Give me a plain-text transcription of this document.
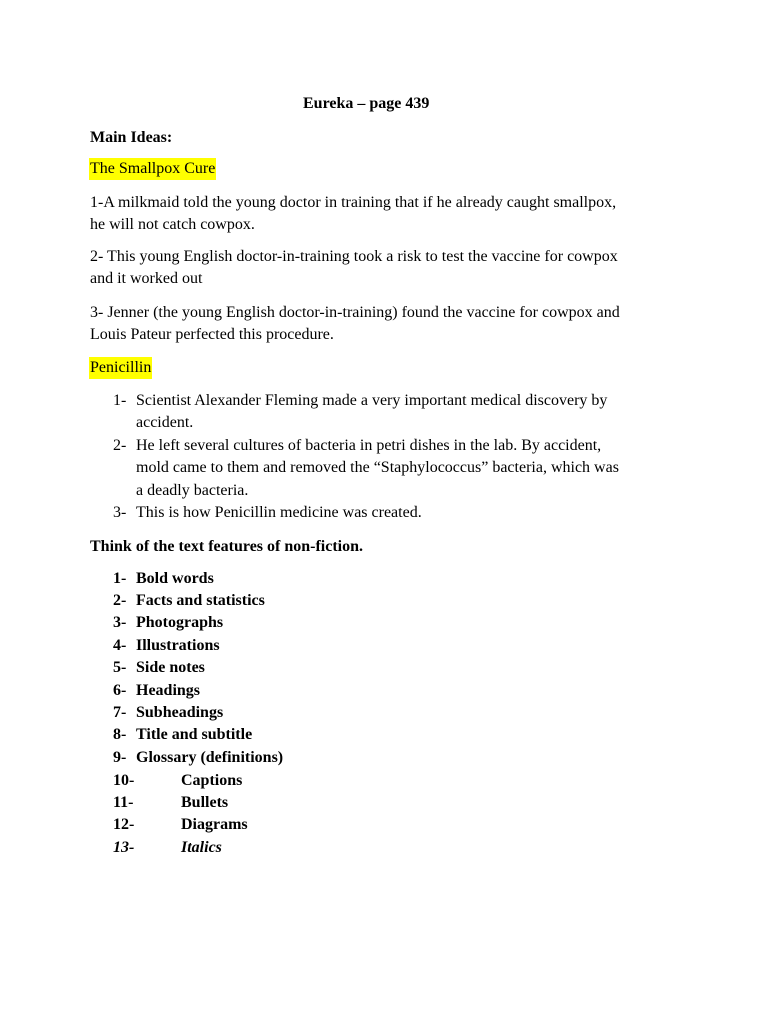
Eureka – page 439
Main Ideas:
The Smallpox Cure
1-A milkmaid told the young doctor in training that if he already caught smallpox,
he will not catch cowpox.
2- This young English doctor-in-training took a risk to test the vaccine for cowpox
and it worked out
3- Jenner (the young English doctor-in-training) found the vaccine for cowpox and
Louis Pateur perfected this procedure.
Penicillin
1- Scientist Alexander Fleming made a very important medical discovery by
accident.
2- He left several cultures of bacteria in petri dishes in the lab. By accident,
mold came to them and removed the “Staphylococcus” bacteria, which was
a deadly bacteria.
3- This is how Penicillin medicine was created.
Think of the text features of non-fiction.
1- Bold words
2- Facts and statistics
3- Photographs
4- Illustrations
5- Side notes
6- Headings
7- Subheadings
8- Title and subtitle
9- Glossary (definitions)
10-	Captions
11-	Bullets
12-	Diagrams
13-	Italics
